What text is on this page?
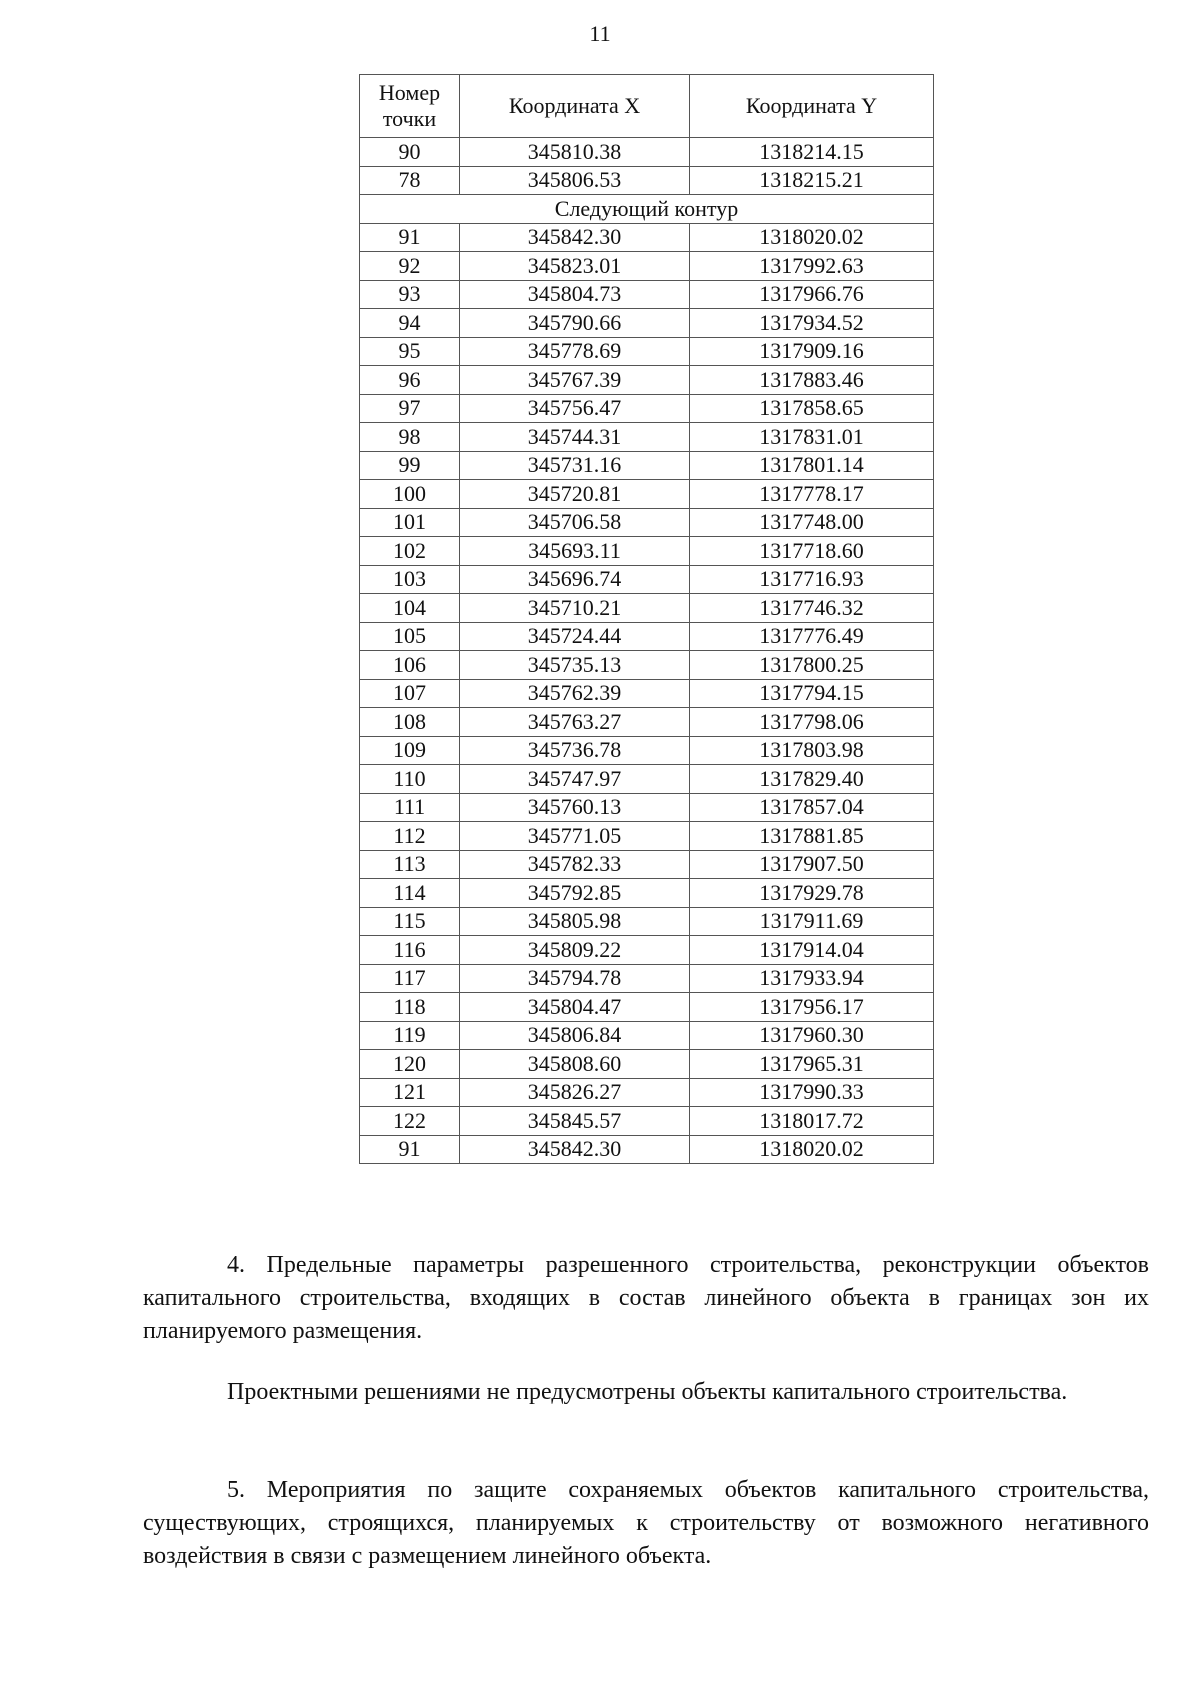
11
Номер точки	Координата X	Координата Y
90	345810.38	1318214.15
78	345806.53	1318215.21
Следующий контур		
91	345842.30	1318020.02
92	345823.01	1317992.63
93	345804.73	1317966.76
94	345790.66	1317934.52
95	345778.69	1317909.16
96	345767.39	1317883.46
97	345756.47	1317858.65
98	345744.31	1317831.01
99	345731.16	1317801.14
100	345720.81	1317778.17
101	345706.58	1317748.00
102	345693.11	1317718.60
103	345696.74	1317716.93
104	345710.21	1317746.32
105	345724.44	1317776.49
106	345735.13	1317800.25
107	345762.39	1317794.15
108	345763.27	1317798.06
109	345736.78	1317803.98
110	345747.97	1317829.40
111	345760.13	1317857.04
112	345771.05	1317881.85
113	345782.33	1317907.50
114	345792.85	1317929.78
115	345805.98	1317911.69
116	345809.22	1317914.04
117	345794.78	1317933.94
118	345804.47	1317956.17
119	345806.84	1317960.30
120	345808.60	1317965.31
121	345826.27	1317990.33
122	345845.57	1318017.72
91	345842.30	1318020.02

4. Предельные параметры разрешенного строительства, реконструкции объектов капитального строительства, входящих в состав линейного объекта в границах зон их планируемого размещения.

Проектными решениями не предусмотрены объекты капитального строительства.

5. Мероприятия по защите сохраняемых объектов капитального строительства, существующих, строящихся, планируемых к строительству от возможного негативного воздействия в связи с размещением линейного объекта.
